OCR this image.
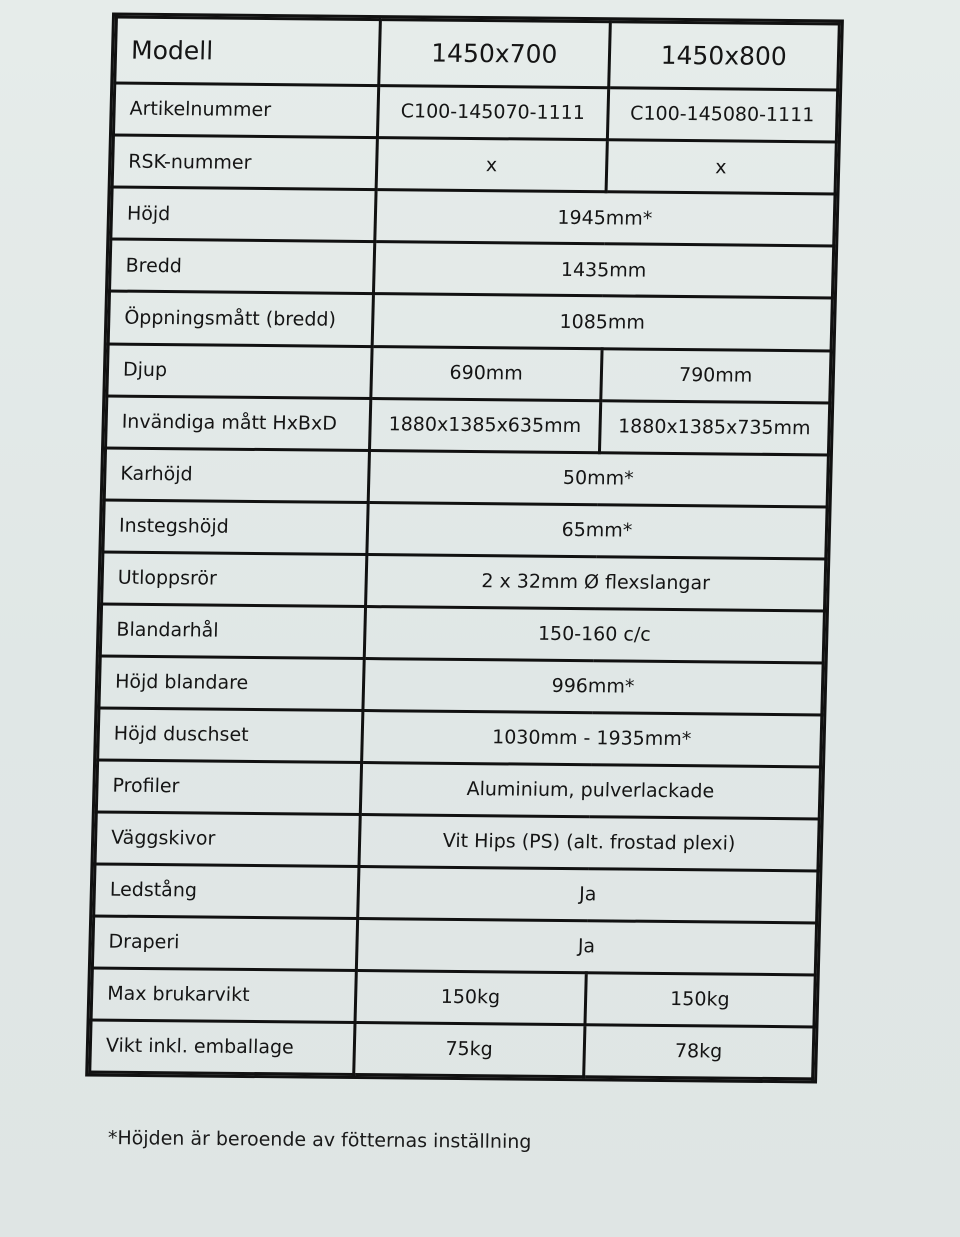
Modell	1450x700	1450x800
Artikelnummer	C100-145070-1111	C100-145080-1111
RSK-nummer	x	x
Höjd	1945mm*	
Bredd	1435mm	
Öppningsmått (bredd)	1085mm	
Djup	690mm	790mm
Invändiga mått HxBxD	1880x1385x635mm	1880x1385x735mm
Karhöjd	50mm*	
Instegshöjd	65mm*	
Utloppsrör	2 x 32mm Ø flexslangar	
Blandarhål	150-160 c/c	
Höjd blandare	996mm*	
Höjd duschset	1030mm - 1935mm*	
Profiler	Aluminium, pulverlackade	
Väggskivor	Vit Hips (PS) (alt. frostad plexi)	
Ledstång	Ja	
Draperi	Ja	
Max brukarvikt	150kg	150kg
Vikt inkl. emballage	75kg	78kg
*Höjden är beroende av fötternas inställning
